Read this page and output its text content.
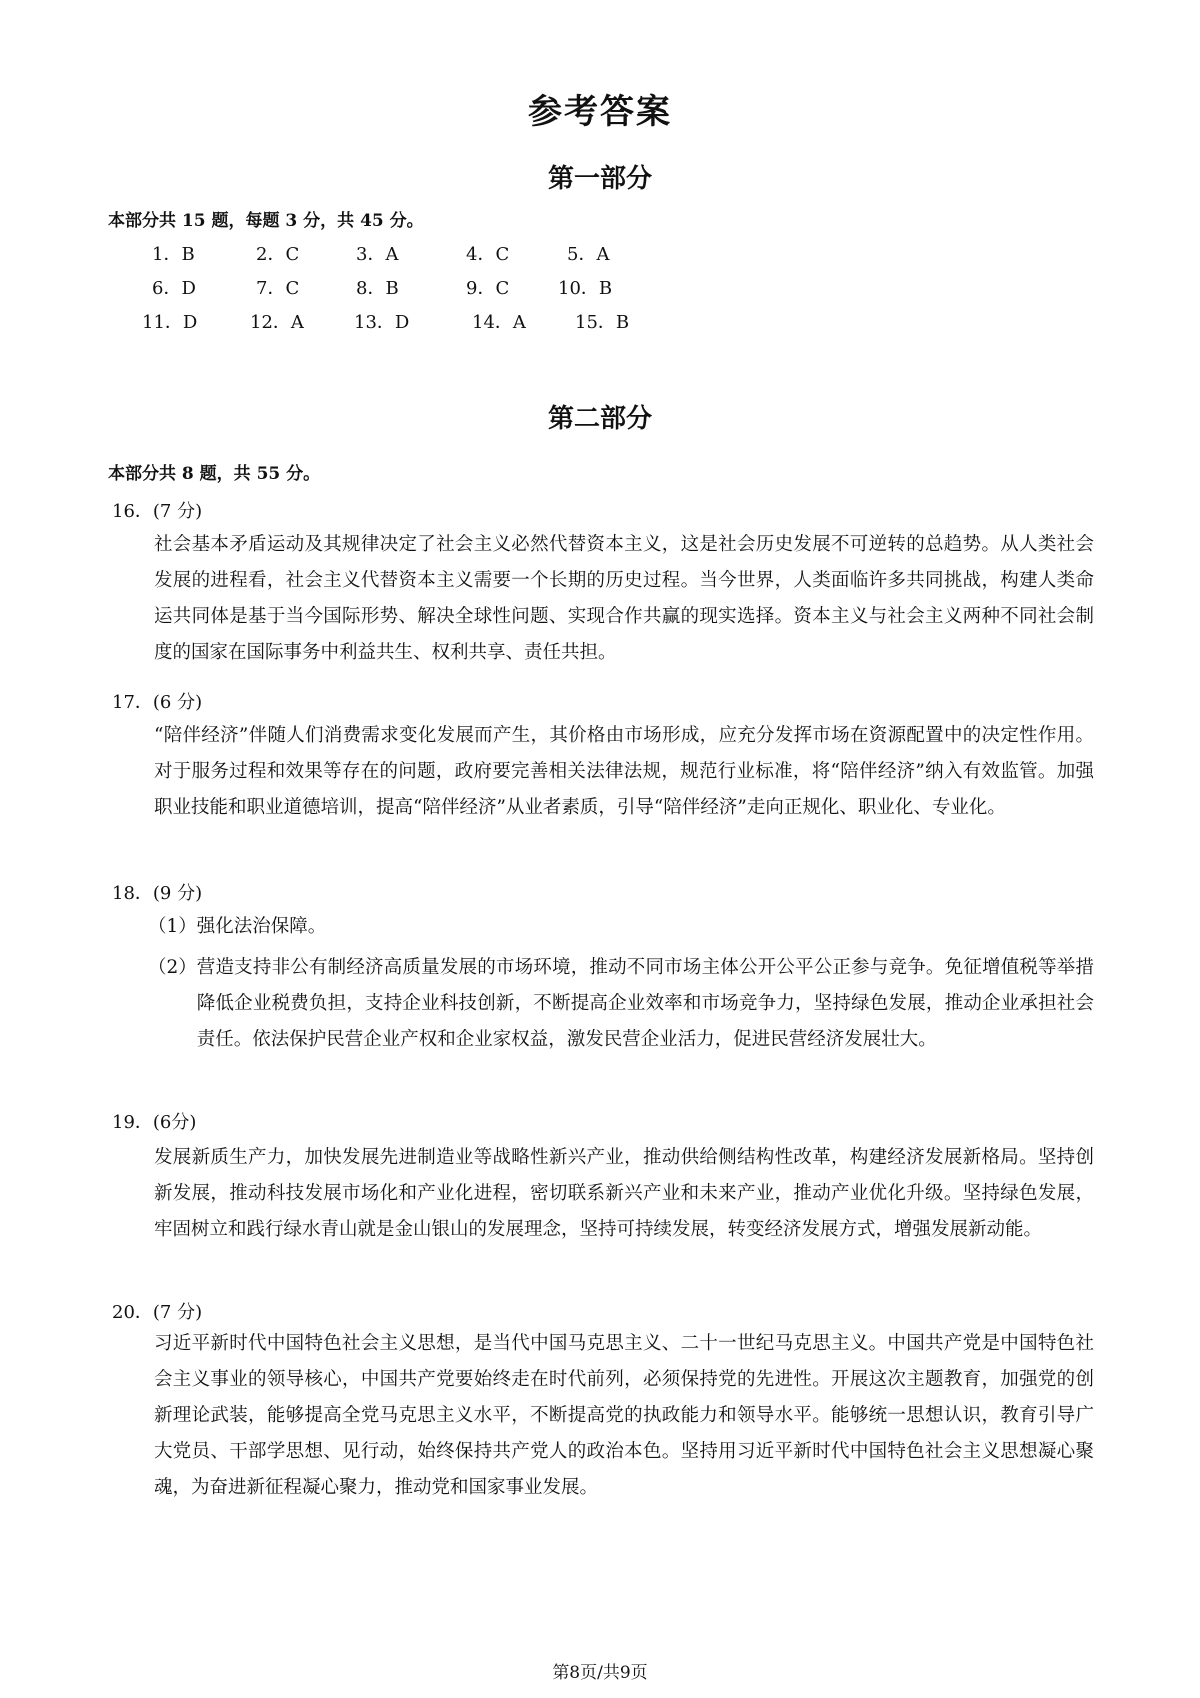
参考答案
第一部分

本部分共 15 题，每题 3 分，共 45 分。

1．B	2．C	3．A	4．C	5．A
6．D	7．C	8．B	9．C	10．B
11．D	12．A	13．D	14．A	15．B
第二部分

本部分共 8 题，共 55 分。

16．(7 分)

社会基本矛盾运动及其规律决定了社会主义必然代替资本主义，这是社会历史发展不可逆转的总趋势。从人类社会发展的进程看，社会主义代替资本主义需要一个长期的历史过程。当今世界，人类面临许多共同挑战，构建人类命运共同体是基于当今国际形势、解决全球性问题、实现合作共赢的现实选择。资本主义与社会主义两种不同社会制度的国家在国际事务中利益共生、权利共享、责任共担。

17．(6 分)

“陪伴经济”伴随人们消费需求变化发展而产生，其价格由市场形成，应充分发挥市场在资源配置中的决定性作用。对于服务过程和效果等存在的问题，政府要完善相关法律法规，规范行业标准，将“陪伴经济”纳入有效监管。加强职业技能和职业道德培训，提高“陪伴经济”从业者素质，引导“陪伴经济”走向正规化、职业化、专业化。

18．(9 分)

（1） 强化法治保障。
（2） 营造支持非公有制经济高质量发展的市场环境，推动不同市场主体公开公平公正参与竞争。免征增值税等举措降低企业税费负担，支持企业科技创新，不断提高企业效率和市场竞争力，坚持绿色发展，推动企业承担社会责任。依法保护民营企业产权和企业家权益，激发民营企业活力，促进民营经济发展壮大。

19．(6分)

发展新质生产力，加快发展先进制造业等战略性新兴产业，推动供给侧结构性改革，构建经济发展新格局。坚持创新发展，推动科技发展市场化和产业化进程，密切联系新兴产业和未来产业，推动产业优化升级。坚持绿色发展，牢固树立和践行绿水青山就是金山银山的发展理念，坚持可持续发展，转变经济发展方式，增强发展新动能。

20．(7 分)

习近平新时代中国特色社会主义思想，是当代中国马克思主义、二十一世纪马克思主义。中国共产党是中国特色社会主义事业的领导核心，中国共产党要始终走在时代前列，必须保持党的先进性。开展这次主题教育，加强党的创新理论武装，能够提高全党马克思主义水平，不断提高党的执政能力和领导水平。能够统一思想认识，教育引导广大党员、干部学思想、见行动，始终保持共产党人的政治本色。坚持用习近平新时代中国特色社会主义思想凝心聚魂，为奋进新征程凝心聚力，推动党和国家事业发展。

第8页/共9页
